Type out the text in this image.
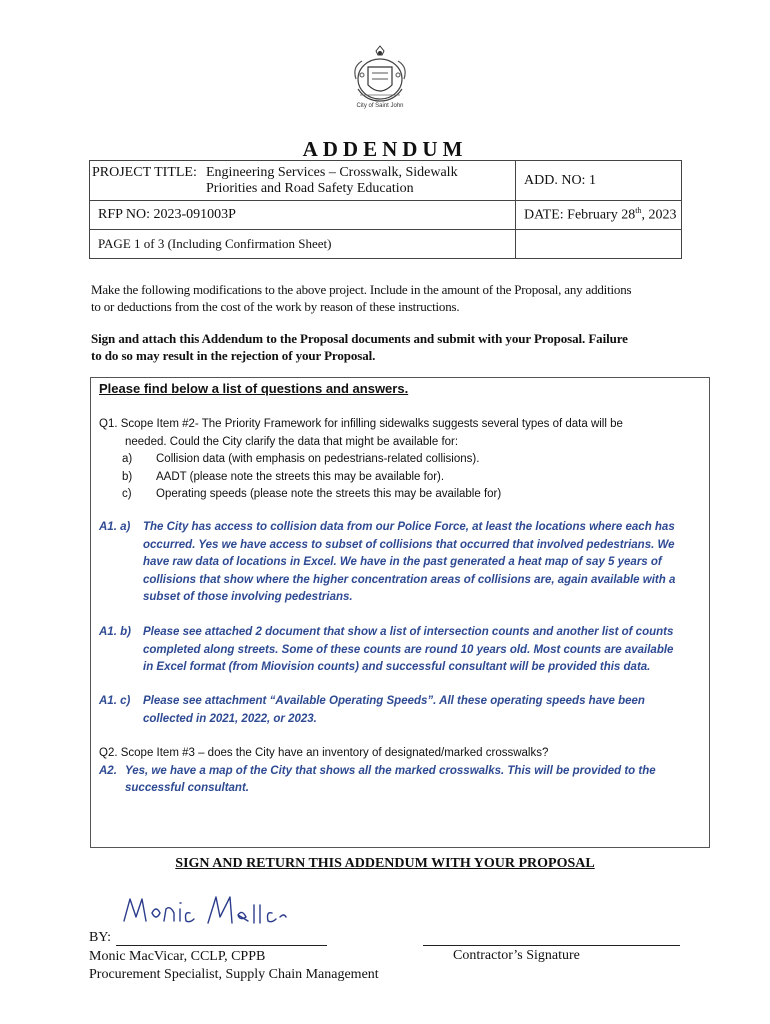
City of Saint John
ADDENDUM
PROJECT TITLE: Engineering Services – Crosswalk, Sidewalk
Priorities and Road Safety Education	ADD. NO: 1
RFP NO: 2023-091003P	DATE: February 28th, 2023
PAGE 1 of 3 (Including Confirmation Sheet)	
Make the following modifications to the above project. Include in the amount of the Proposal, any additions
to or deductions from the cost of the work by reason of these instructions.
Sign and attach this Addendum to the Proposal documents and submit with your Proposal. Failure
to do so may result in the rejection of your Proposal.
Please find below a list of questions and answers.
Q1. Scope Item #2- The Priority Framework for infilling sidewalks suggests several types of data will be
needed. Could the City clarify the data that might be available for:
a)	Collision data (with emphasis on pedestrians-related collisions).
b)	AADT (please note the streets this may be available for).
c)	Operating speeds (please note the streets this may be available for)
A1. a)	The City has access to collision data from our Police Force, at least the locations where each has
occurred. Yes we have access to subset of collisions that occurred that involved pedestrians. We
have raw data of locations in Excel. We have in the past generated a heat map of say 5 years of
collisions that show where the higher concentration areas of collisions are, again available with a
subset of those involving pedestrians.
A1. b)	Please see attached 2 document that show a list of intersection counts and another list of counts
completed along streets. Some of these counts are round 10 years old. Most counts are available
in Excel format (from Miovision counts) and successful consultant will be provided this data.
A1. c)	Please see attachment “Available Operating Speeds”. All these operating speeds have been
collected in 2021, 2022, or 2023.
Q2. Scope Item #3 – does the City have an inventory of designated/marked crosswalks?
A2. Yes, we have a map of the City that shows all the marked crosswalks. This will be provided to the
successful consultant.
SIGN AND RETURN THIS ADDENDUM WITH YOUR PROPOSAL
BY:
Monic MacVicar, CCLP, CPPB
Procurement Specialist, Supply Chain Management
Contractor’s Signature
